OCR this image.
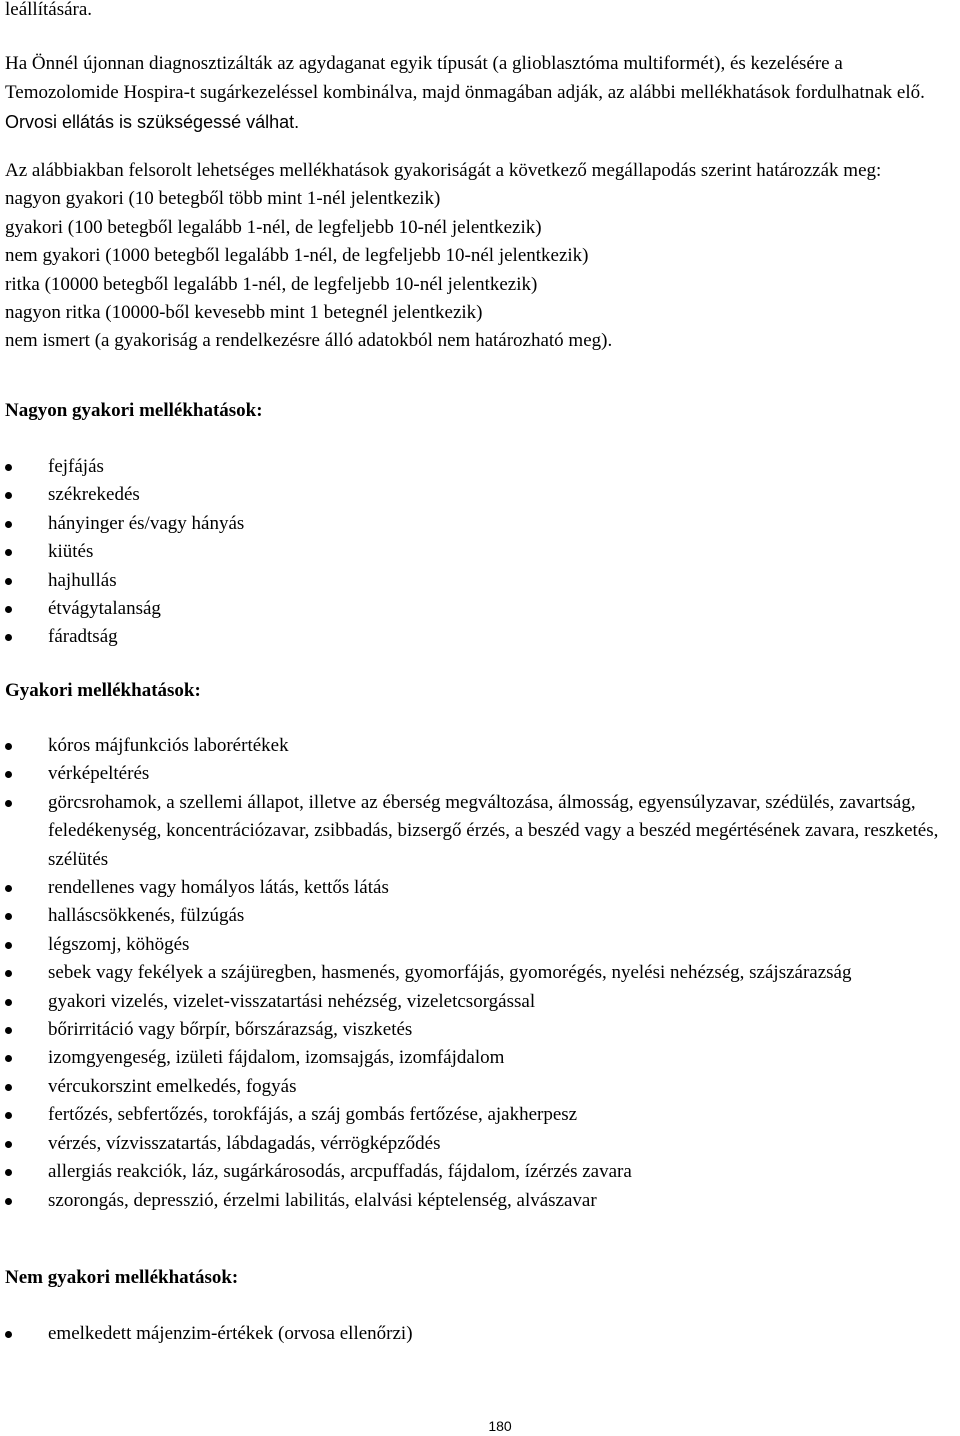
leállítására.

Ha Önnél újonnan diagnosztizálták az agydaganat egyik típusát (a glioblasztóma multiformét), és kezelésére a Temozolomide Hospira-t sugárkezeléssel kombinálva, majd önmagában adják, az alábbi mellékhatások fordulhatnak elő. Orvosi ellátás is szükségessé válhat.

Az alábbiakban felsorolt lehetséges mellékhatások gyakoriságát a következő megállapodás szerint határozzák meg:
nagyon gyakori (10 betegből több mint 1-nél jelentkezik)
gyakori (100 betegből legalább 1-nél, de legfeljebb 10-nél jelentkezik)
nem gyakori (1000 betegből legalább 1-nél, de legfeljebb 10-nél jelentkezik)
ritka (10000 betegből legalább 1-nél, de legfeljebb 10-nél jelentkezik)
nagyon ritka (10000-ből kevesebb mint 1 betegnél jelentkezik)
nem ismert (a gyakoriság a rendelkezésre álló adatokból nem határozható meg).
Nagyon gyakori mellékhatások:
fejfájás
székrekedés
hányinger és/vagy hányás
kiütés
hajhullás
étvágytalanság
fáradtság
Gyakori mellékhatások:
kóros májfunkciós laborértékek
vérképeltérés
görcsrohamok, a szellemi állapot, illetve az éberség megváltozása, álmosság, egyensúlyzavar, szédülés, zavartság, feledékenység, koncentrációzavar, zsibbadás, bizsergő érzés, a beszéd vagy a beszéd megértésének zavara, reszketés, szélütés
rendellenes vagy homályos látás, kettős látás
halláscsökkenés, fülzúgás
légszomj, köhögés
sebek vagy fekélyek a szájüregben, hasmenés, gyomorfájás, gyomorégés, nyelési nehézség, szájszárazság
gyakori vizelés, vizelet-visszatartási nehézség, vizeletcsorgással
bőrirritáció vagy bőrpír, bőrszárazság, viszketés
izomgyengeség, izületi fájdalom, izomsajgás, izomfájdalom
vércukorszint emelkedés, fogyás
fertőzés, sebfertőzés, torokfájás, a száj gombás fertőzése, ajakherpesz
vérzés, vízvisszatartás, lábdagadás, vérrögképződés
allergiás reakciók, láz, sugárkárosodás, arcpuffadás, fájdalom, ízérzés zavara
szorongás, depresszió, érzelmi labilitás, elalvási képtelenség, alvászavar
Nem gyakori mellékhatások:
emelkedett májenzim-értékek (orvosa ellenőrzi)
180
